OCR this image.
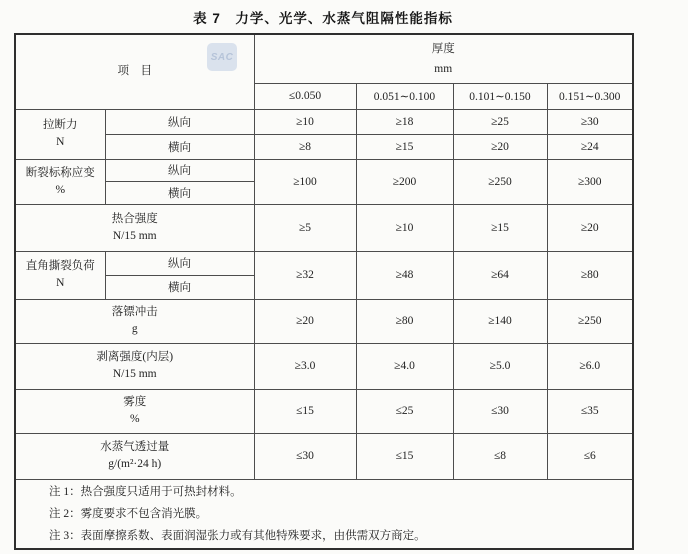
表 7　力学、光学、水蒸气阻隔性能指标
项　目		厚度
mm			

		≤0.050	0.051∼0.100	0.101∼0.150	0.151∼0.300

拉断力
N	纵向	≥10	≥18	≥25	≥30
	横向	≥8	≥15	≥20	≥24

断裂标称应变
%	纵向	≥100	≥200	≥250	≥300
	横向				

热合强度
N/15 mm		≥5	≥10	≥15	≥20

直角撕裂负荷
N	纵向	≥32	≥48	≥64	≥80
	横向				

落镖冲击
g		≥20	≥80	≥140	≥250

剥离强度(内层)
N/15 mm		≥3.0	≥4.0	≥5.0	≥6.0

雾度
%		≤15	≤25	≤30	≤35

水蒸气透过量
g/(m²·24 h)		≤30	≤15	≤8	≤6

注 1：热合强度只适用于可热封材料。
注 2：雾度要求不包含消光膜。
注 3：表面摩擦系数、表面润湿张力或有其他特殊要求，由供需双方商定。					
SAC
